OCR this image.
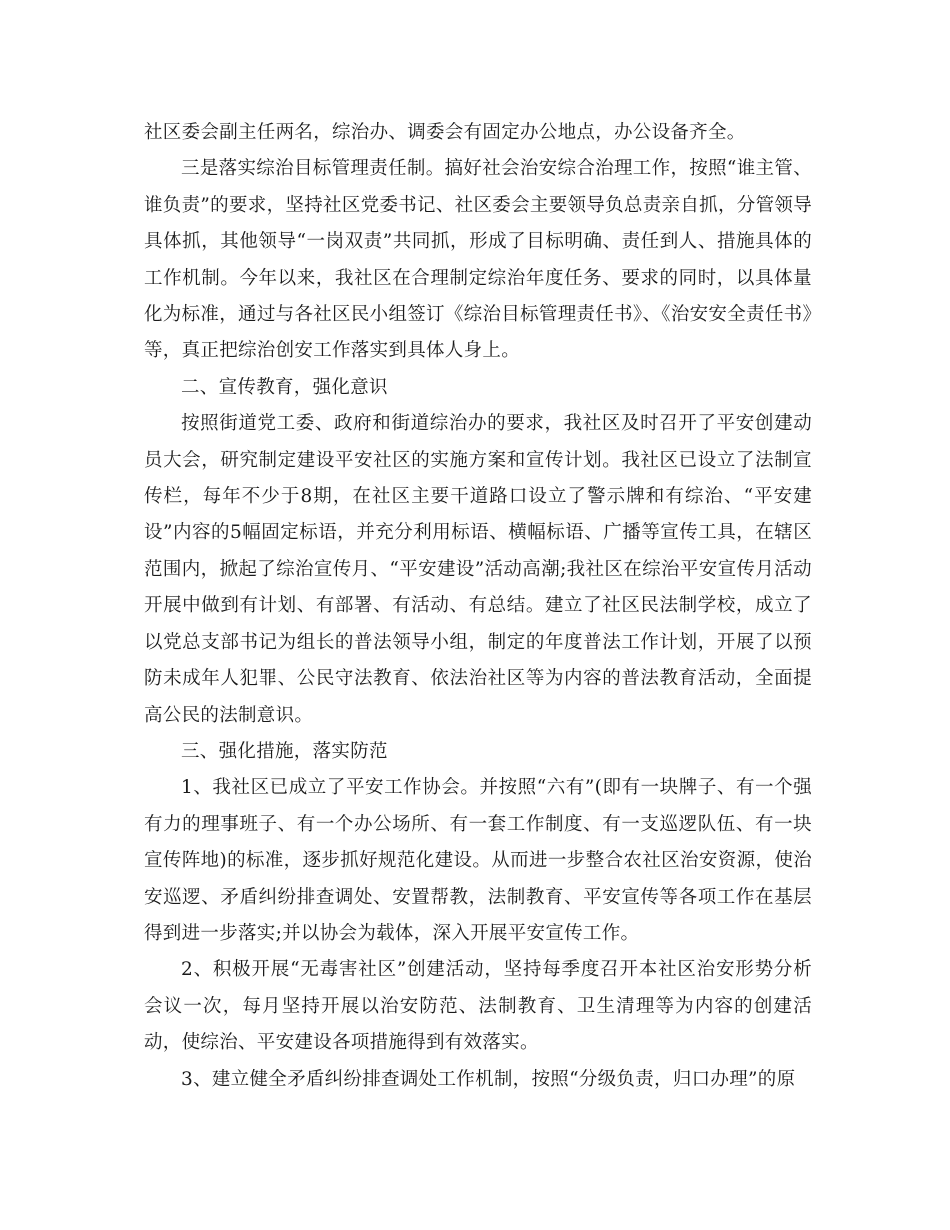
社区委会副主任两名，综治办、调委会有固定办公地点，办公设备齐全。

三是落实综治目标管理责任制。搞好社会治安综合治理工作，按照“谁主管、谁负责”的要求，坚持社区党委书记、社区委会主要领导负总责亲自抓，分管领导具体抓，其他领导“一岗双责”共同抓，形成了目标明确、责任到人、措施具体的工作机制。今年以来，我社区在合理制定综治年度任务、要求的同时，以具体量化为标准，通过与各社区民小组签订《综治目标管理责任书》、《治安安全责任书》等，真正把综治创安工作落实到具体人身上。

二、宣传教育，强化意识

按照街道党工委、政府和街道综治办的要求，我社区及时召开了平安创建动员大会，研究制定建设平安社区的实施方案和宣传计划。我社区已设立了法制宣传栏，每年不少于8期，在社区主要干道路口设立了警示牌和有综治、“平安建设”内容的5幅固定标语，并充分利用标语、横幅标语、广播等宣传工具，在辖区范围内，掀起了综治宣传月、“平安建设”活动高潮;我社区在综治平安宣传月活动开展中做到有计划、有部署、有活动、有总结。建立了社区民法制学校，成立了以党总支部书记为组长的普法领导小组，制定的年度普法工作计划，开展了以预防未成年人犯罪、公民守法教育、依法治社区等为内容的普法教育活动，全面提高公民的法制意识。

三、强化措施，落实防范

1、我社区已成立了平安工作协会。并按照“六有”(即有一块牌子、有一个强有力的理事班子、有一个办公场所、有一套工作制度、有一支巡逻队伍、有一块宣传阵地)的标准，逐步抓好规范化建设。从而进一步整合农社区治安资源，使治安巡逻、矛盾纠纷排查调处、安置帮教，法制教育、平安宣传等各项工作在基层得到进一步落实;并以协会为载体，深入开展平安宣传工作。

2、积极开展“无毒害社区”创建活动，坚持每季度召开本社区治安形势分析会议一次，每月坚持开展以治安防范、法制教育、卫生清理等为内容的创建活动，使综治、平安建设各项措施得到有效落实。

3、建立健全矛盾纠纷排查调处工作机制，按照“分级负责，归口办理”的原
